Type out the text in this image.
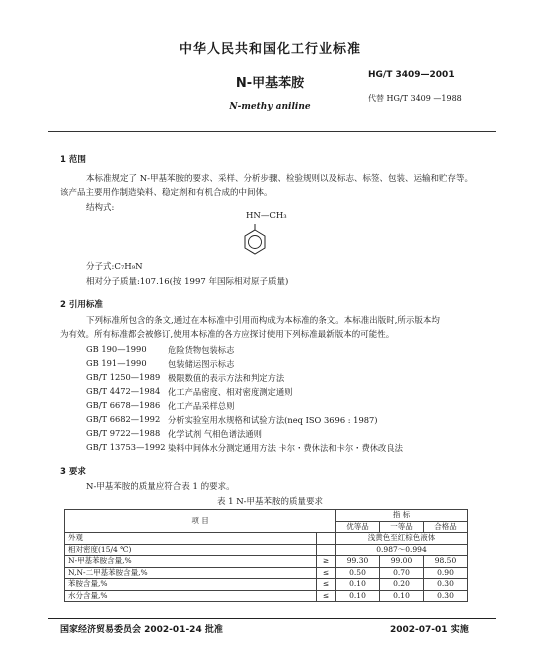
中华人民共和国化工行业标准
N-甲基苯胺
N-methy aniline
HG/T 3409—2001
代替 HG/T 3409 —1988
1 范围
本标准规定了 N-甲基苯胺的要求、采样、分析步骤、检验规则以及标志、标签、包装、运输和贮存等。
该产品主要用作制造染料、稳定剂和有机合成的中间体。
结构式:
HN—CH₃
分子式:C₇H₉N
相对分子质量:107.16(按 1997 年国际相对原子质量)
2 引用标准
下列标准所包含的条文,通过在本标准中引用而构成为本标准的条文。本标准出版时,所示版本均
为有效。所有标准都会被修订,使用本标准的各方应探讨使用下列标准最新版本的可能性。
GB 190—1990	危险货物包装标志
GB 191—1990	包装储运图示标志
GB/T 1250—1989 极限数值的表示方法和判定方法
GB/T 4472—1984 化工产品密度、相对密度测定通则
GB/T 6678—1986 化工产品采样总则
GB/T 6682—1992 分析实验室用水规格和试验方法(neq ISO 3696 : 1987)
GB/T 9722—1988 化学试剂 气相色谱法通则
GB/T 13753—1992 染料中间体水分测定通用方法 卡尔・费休法和卡尔・费休改良法
3 要求
N-甲基苯胺的质量应符合表 1 的要求。
表 1 N-甲基苯胺的质量要求
项 目		指 标		
		优等品	一等品	合格品
外观		浅黄色至红棕色液体		
相对密度(15/4 ℃)		0.987～0.994		
N-甲基苯胺含量,%	≥	99.30	99.00	98.50
N,N-二甲基苯胺含量,%	≤	0.50	0.70	0.90
苯胺含量,%	≤	0.10	0.20	0.30
水分含量,%	≤	0.10	0.10	0.30
国家经济贸易委员会 2002-01-24 批准	2002-07-01 实施
